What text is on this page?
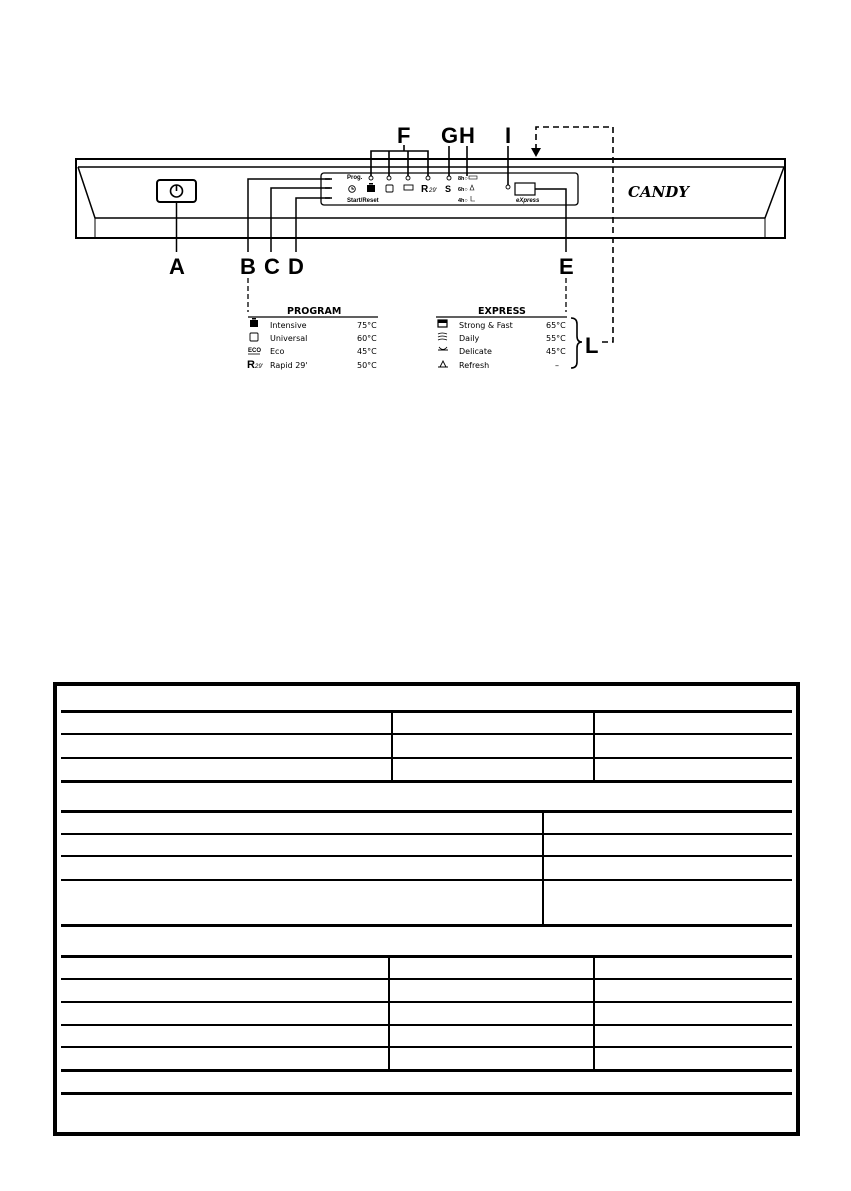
Prog.
Start/Reset
R 29' S
8h○
6h○
4h○	eXpress	CANDY
F G H I
A	B C D	E
L
PROGRAM
ECO
R 29'
Intensive	75°C
Universal	60°C
Eco	45°C
Rapid 29'	50°C
EXPRESS
Strong & Fast	65°C
Daily	55°C
Delicate	45°C
Refresh	–
